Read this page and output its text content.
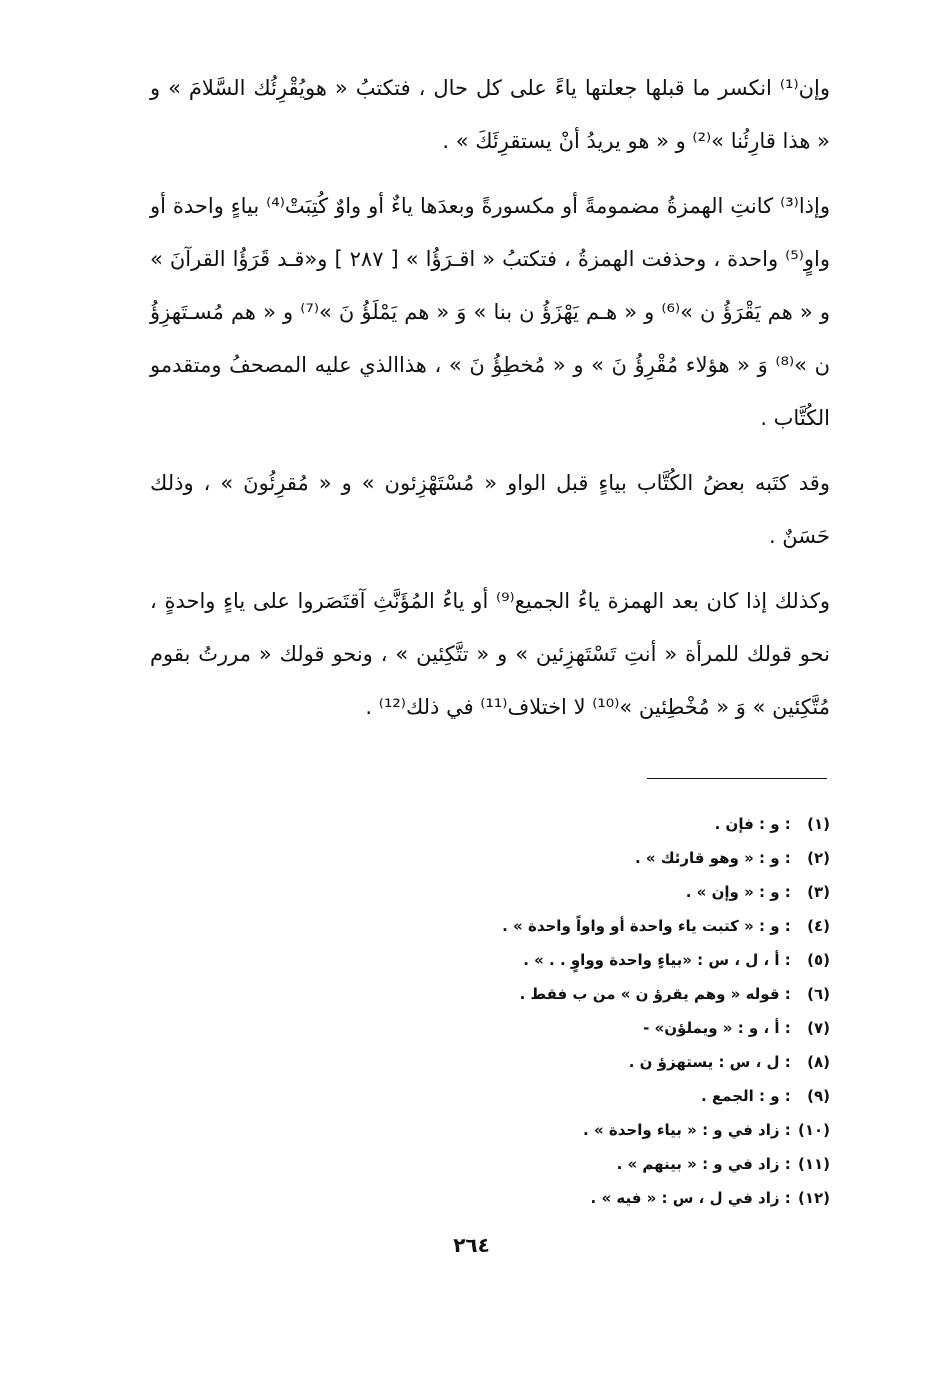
وإن⁽¹⁾ انكسر ما قبلها جعلتها ياءً على كل حال ، فتكتبُ « هويُقْرِئُك السَّلامَ » و « هذا قارِئُنا »⁽²⁾ و « هو يريدُ أنْ يستقرِئَكَ » .

وإذا⁽³⁾ كانتِ الهمزةُ مضمومةً أو مكسورةً وبعدَها ياءٌ أو واوٌ كُتِبَتْ⁽⁴⁾ بياءٍ واحدة أو واوٍ⁽⁵⁾ واحدة ، وحذفت الهمزةُ ، فتكتبُ « اقـرَؤُا » [ ٢٨٧ ] و«قـد قَرَؤُا القرآنَ » و « هم يَقْرَؤُ ن »⁽⁶⁾ و « هـم يَهْزَؤُ ن بنا » وَ « هم يَمْلَؤُ نَ »⁽⁷⁾ و « هم مُسـتَهزِؤُ ن »⁽⁸⁾ وَ « هؤلاء مُقْرِؤُ نَ » و « مُخطِؤُ نَ » ، هذاالذي عليه المصحفُ ومتقدمو الكُتَّاب .

وقد كتَبه بعضُ الكُتَّاب بياءٍ قبل الواو « مُسْتَهْزِئون » و « مُقرِئُونَ » ، وذلك حَسَنٌ .

وكذلك إذا كان بعد الهمزة ياءُ الجميع⁽⁹⁾ أو ياءُ المُؤَنَّثِ آقتَصَروا على ياءٍ واحدةٍ ، نحو قولك للمرأة « أنتِ تَسْتَهزِئين » و « تتَّكِئين » ، ونحو قولك « مررتُ بقوم مُتَّكِئين » وَ « مُخْطِئين »⁽¹⁰⁾ لا اختلاف⁽¹¹⁾ في ذلك⁽¹²⁾ .

(١) : و : فإن .
(٢) : و : « وهو قارئك » .
(٣) : و : « وإن » .
(٤) : و : « كتبت ياء واحدة أو واواً واحدة » .
(٥) : أ ، ل ، س : «بياءٍ واحدة وواوٍ . . » .
(٦) : قوله « وهم يقرؤ ن » من ب فقط .
(٧) : أ ، و : « ويملؤن» -
(٨) : ل ، س : يستهزؤ ن .
(٩) : و : الجمع .
(١٠) : زاد في و : « بياء واحدة » .
(١١) : زاد في و : « بينهم » .
(١٢) : زاد في ل ، س : « فيه » .
٢٦٤
